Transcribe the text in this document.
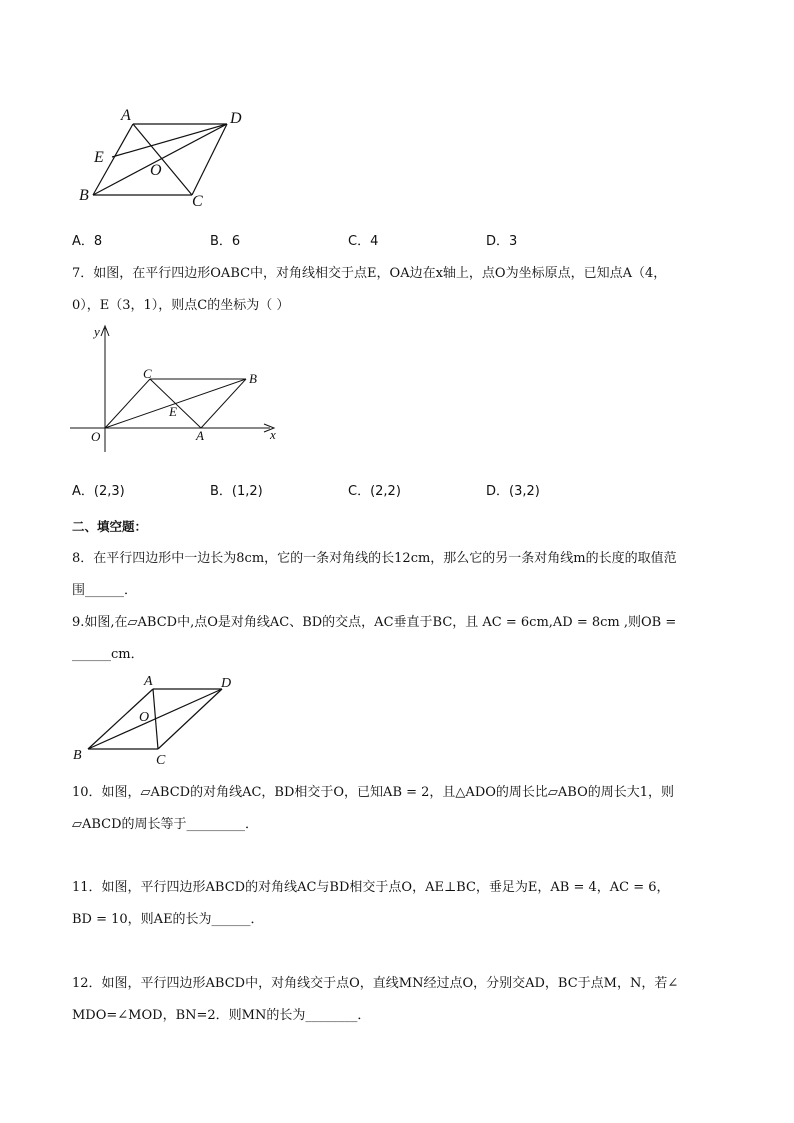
A	D
E
O
B	C
A．8	B．6	C．4	D．3
7．如图，在平行四边形OABC中，对角线相交于点E，OA边在x轴上，点O为坐标原点，已知点A（4，
0），E（3，1），则点C的坐标为（ ）
y
x
O	A
B
C
E
A．(2,3)	B．(1,2)	C．(2,2)	D．(3,2)
二、填空题：
8．在平行四边形中一边长为8cm，它的一条对角线的长12cm，那么它的另一条对角线m的长度的取值范
围______．
9.如图,在▱ABCD中,点O是对角线AC、BD的交点，AC垂直于BC，且 AC = 6cm,AD = 8cm ,则OB =
______cm．
A	D
O
B	C
10．如图，▱ABCD的对角线AC，BD相交于O，已知AB = 2，且△ADO的周长比▱ABO的周长大1，则
▱ABCD的周长等于_________．
11．如图，平行四边形ABCD的对角线AC与BD相交于点O，AE⊥BC，垂足为E，AB = 4，AC = 6，
BD = 10，则AE的长为______．
12．如图，平行四边形ABCD中，对角线交于点O，直线MN经过点O，分别交AD，BC于点M，N，若∠
MDO=∠MOD，BN=2．则MN的长为________．
